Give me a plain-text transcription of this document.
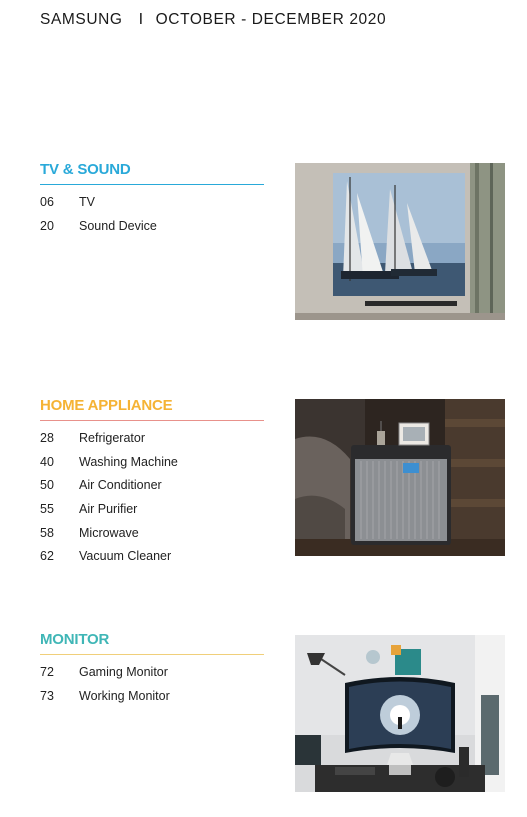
SAMSUNG I OCTOBER - DECEMBER 2020
TV & SOUND
06	TV
20	Sound Device
HOME APPLIANCE
28	Refrigerator
40	Washing Machine
50	Air Conditioner
55	Air Purifier
58	Microwave
62	Vacuum Cleaner
MONITOR
72	Gaming Monitor
73	Working Monitor
